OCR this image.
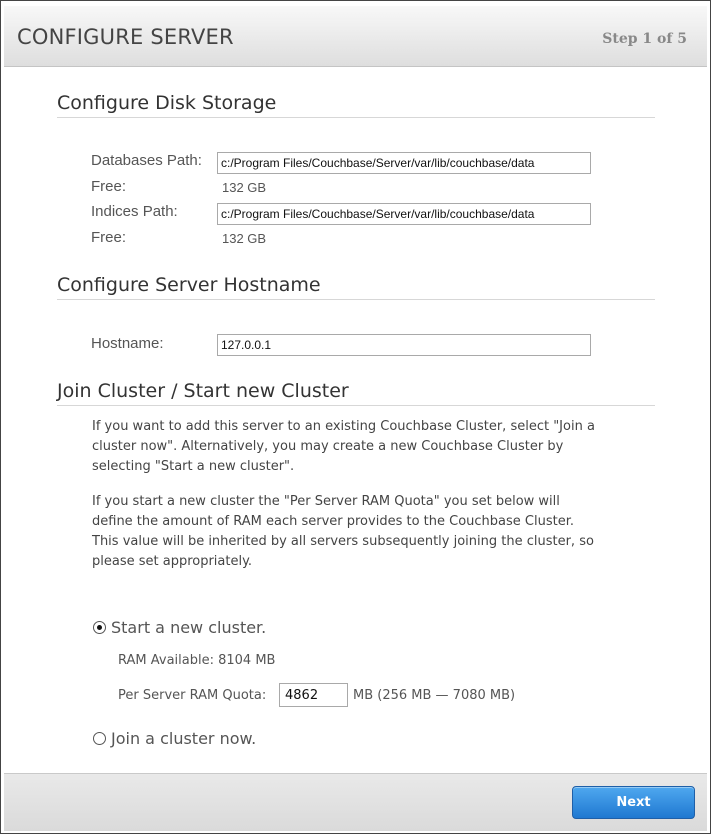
CONFIGURE SERVER	Step 1 of 5
Configure Disk Storage
Databases Path:
c:/Program Files/Couchbase/Server/var/lib/couchbase/data
Free:	132 GB
Indices Path:
c:/Program Files/Couchbase/Server/var/lib/couchbase/data
Free:	132 GB
Configure Server Hostname
Hostname:
127.0.0.1
Join Cluster / Start new Cluster
If you want to add this server to an existing Couchbase Cluster, select "Join a cluster now". Alternatively, you may create a new Couchbase Cluster by selecting "Start a new cluster".
If you start a new cluster the "Per Server RAM Quota" you set below will define the amount of RAM each server provides to the Couchbase Cluster. This value will be inherited by all servers subsequently joining the cluster, so please set appropriately.
Start a new cluster.
RAM Available: 8104 MB
Per Server RAM Quota:
4862	MB (256 MB — 7080 MB)
Join a cluster now.
Next
